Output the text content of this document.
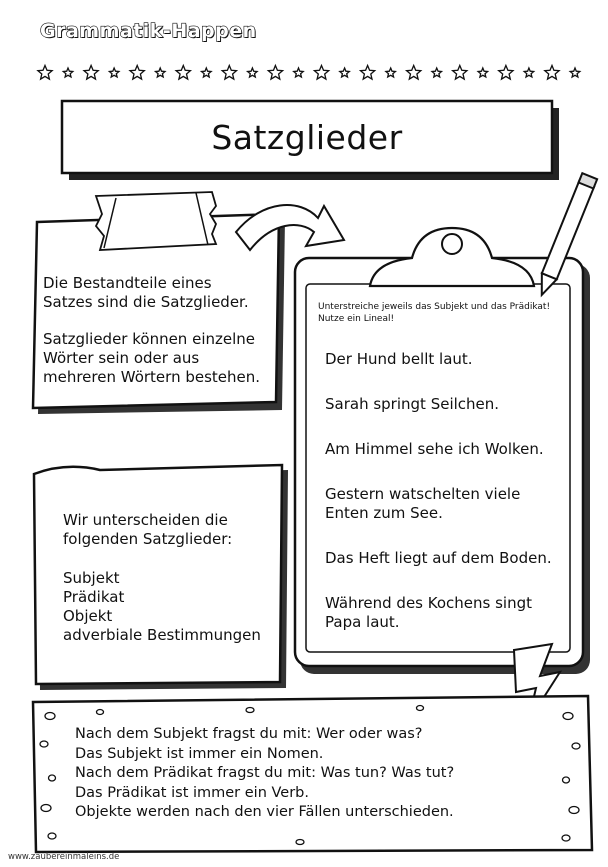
Grammatik-Happen
Satzglieder

Die Bestandteile eines
Satzes sind die Satzglieder.

Satzglieder können einzelne
Wörter sein oder aus
mehreren Wörtern bestehen.

Wir unterscheiden die
folgenden Satzglieder:

Subjekt
Prädikat
Objekt
adverbiale Bestimmungen

Unterstreiche jeweils das Subjekt und das Prädikat!
Nutze ein Lineal!
Der Hund bellt laut.
Sarah springt Seilchen.
Am Himmel sehe ich Wolken.
Gestern watschelten viele
Enten zum See.
Das Heft liegt auf dem Boden.
Während des Kochens singt
Papa laut.
Nach dem Subjekt fragst du mit: Wer oder was?
Das Subjekt ist immer ein Nomen.
Nach dem Prädikat fragst du mit: Was tun? Was tut?
Das Prädikat ist immer ein Verb.
Objekte werden nach den vier Fällen unterschieden.
www.zaubereinmaleins.de
